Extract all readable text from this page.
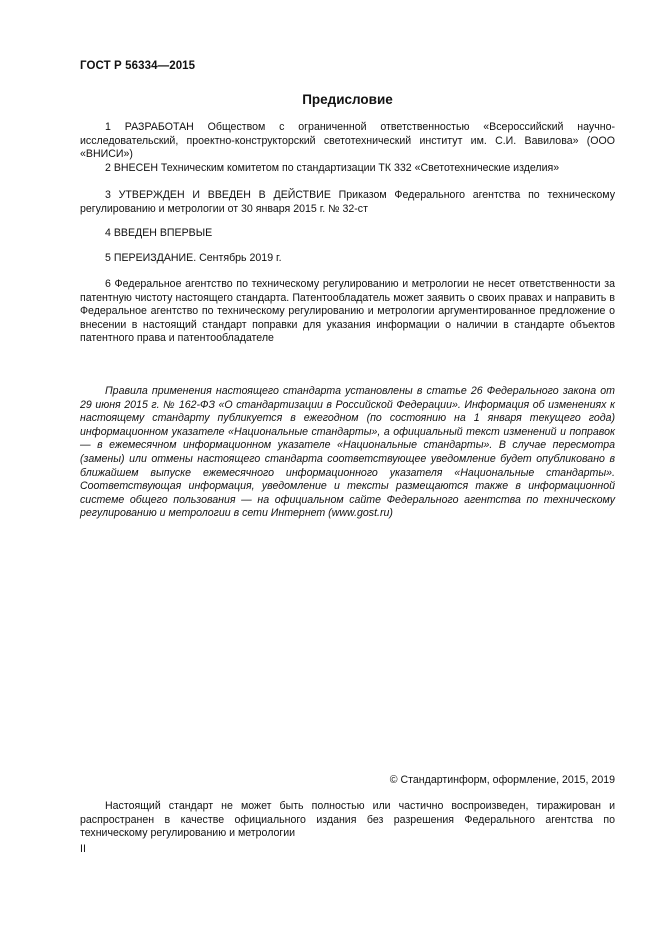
ГОСТ Р 56334—2015
Предисловие

1 РАЗРАБОТАН Обществом с ограниченной ответственностью «Всероссийский научно-исследовательский, проектно-конструкторский светотехнический институт им. С.И. Вавилова» (ООО «ВНИСИ»)

2 ВНЕСЕН Техническим комитетом по стандартизации ТК 332 «Светотехнические изделия»

3 УТВЕРЖДЕН И ВВЕДЕН В ДЕЙСТВИЕ Приказом Федерального агентства по техническому регулированию и метрологии от 30 января 2015 г. № 32-ст

4 ВВЕДЕН ВПЕРВЫЕ

5 ПЕРЕИЗДАНИЕ. Сентябрь 2019 г.

6 Федеральное агентство по техническому регулированию и метрологии не несет ответственности за патентную чистоту настоящего стандарта. Патентообладатель может заявить о своих правах и направить в Федеральное агентство по техническому регулированию и метрологии аргументированное предложение о внесении в настоящий стандарт поправки для указания информации о наличии в стандарте объектов патентного права и патентообладателе

Правила применения настоящего стандарта установлены в статье 26 Федерального закона от 29 июня 2015 г. № 162-ФЗ «О стандартизации в Российской Федерации». Информация об изменениях к настоящему стандарту публикуется в ежегодном (по состоянию на 1 января текущего года) информационном указателе «Национальные стандарты», а официальный текст изменений и поправок — в ежемесячном информационном указателе «Национальные стандарты». В случае пересмотра (замены) или отмены настоящего стандарта соответствующее уведомление будет опубликовано в ближайшем выпуске ежемесячного информационного указателя «Национальные стандарты». Соответствующая информация, уведомление и тексты размещаются также в информационной системе общего пользования — на официальном сайте Федерального агентства по техническому регулированию и метрологии в сети Интернет (www.gost.ru)

© Стандартинформ, оформление, 2015, 2019

Настоящий стандарт не может быть полностью или частично воспроизведен, тиражирован и распространен в качестве официального издания без разрешения Федерального агентства по техническому регулированию и метрологии

II
